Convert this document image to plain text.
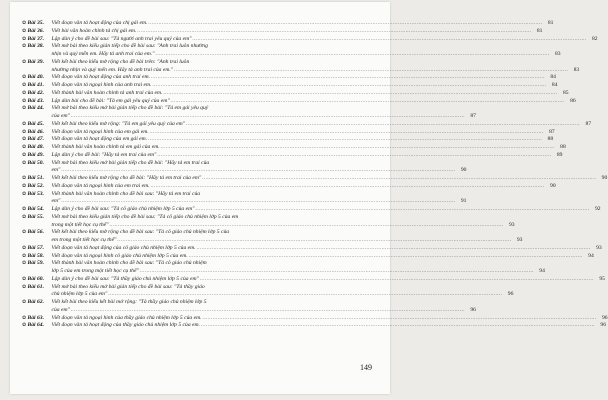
✿ Bài 35.	Viết đoạn văn tả hoạt động của chị gái em. .....	81
✿ Bài 36.	Viết bài văn hoàn chỉnh tả chị gái em. .....	81
✿ Bài 37.	Lập dàn ý cho đề bài sau: "Tả người anh trai yêu quý của em" .....	82
✿ Bài 38.	Viết mở bài theo kiểu gián tiếp cho đề bài sau: "Anh trai luôn nhường
nhịn và quý mến em. Hãy tả anh trai của em." .....	83
✿ Bài 39.	Viết kết bài theo kiểu mở rộng cho đề bài trên: "Anh trai luôn
nhường nhịn và quý mến em. Hãy tả anh trai của em." .....	83
✿ Bài 40.	Viết đoạn văn tả hoạt động của anh trai em. .....	84
✿ Bài 41.	Viết đoạn văn tả ngoại hình của anh trai em. .....	84
✿ Bài 42.	Viết thành bài văn hoàn chỉnh tả anh trai của em. .....	85
✿ Bài 43.	Lập dàn bài cho đề bài: "Tả em gái yêu quý của em" .....	86
✿ Bài 44.	Viết mở bài theo kiểu mở bài gián tiếp cho đề bài: "Tả em gái yêu quý
của em" .....	87
✿ Bài 45.	Viết kết bài theo kiểu mở rộng: "Tả em gái yêu quý của em" .....	87
✿ Bài 46.	Viết đoạn văn tả ngoại hình của em gái em. .....	87
✿ Bài 47.	Viết đoạn văn tả hoạt động của em gái em. .....	88
✿ Bài 48.	Viết thành bài văn hoàn chỉnh tả em gái của em. .....	88
✿ Bài 49.	Lập dàn ý cho đề bài: "Hãy tả em trai của em" .....	89
✿ Bài 50.	Viết mở bài theo kiểu mở bài gián tiếp cho đề bài: "Hãy tả em trai của
em" .....	90
✿ Bài 51.	Viết kết bài theo kiểu mở rộng cho đề bài: "Hãy tả em trai của em" .....	90
✿ Bài 52.	Viết đoạn văn tả ngoại hình của em trai em. .....	90
✿ Bài 53.	Viết thành bài văn hoàn chỉnh cho đề bài sau: "Hãy tả em trai của
em" .....	91
✿ Bài 54.	Lập dàn ý cho đề bài sau: "Tả cô giáo chủ nhiệm lớp 5 của em" .....	92
✿ Bài 55.	Viết mở bài theo kiểu gián tiếp cho đề bài sau: "Tả cô giáo chủ nhiệm lớp 5 của em
trong một tiết học cụ thể" .....	93
✿ Bài 56.	Viết kết bài theo kiểu mở rộng cho đề bài sau: "Tả cô giáo chủ nhiệm lớp 5 của
em trong một tiết học cụ thể" .....	93
✿ Bài 57.	Viết đoạn văn tả hoạt động của cô giáo chủ nhiệm lớp 5 của em. .....	93
✿ Bài 58.	Viết đoạn văn tả ngoại hình cô giáo chủ nhiệm lớp 5 của em. .....	94
✿ Bài 59.	Viết thành bài văn hoàn chỉnh cho đề bài sau: "Tả cô giáo chủ nhiệm
lớp 5 của em trong một tiết học cụ thể" .....	94
✿ Bài 60.	Lập dàn ý cho đề bài sau: "Tả thầy giáo chủ nhiệm lớp 5 của em" .....	95
✿ Bài 61.	Viết mở bài theo kiểu mở bài gián tiếp cho đề bài sau: "Tả thầy giáo
chủ nhiệm lớp 5 của em" .....	96
✿ Bài 62.	Viết kết bài theo kiểu kết bài mở rộng: "Tả thầy giáo chủ nhiệm lớp 5
của em" .....	96
✿ Bài 63.	Viết đoạn văn tả ngoại hình của thầy giáo chủ nhiệm lớp 5 của em. .....	96
✿ Bài 64.	Viết đoạn văn tả hoạt động của thầy giáo chủ nhiệm lớp 5 của em. .....	96
149
